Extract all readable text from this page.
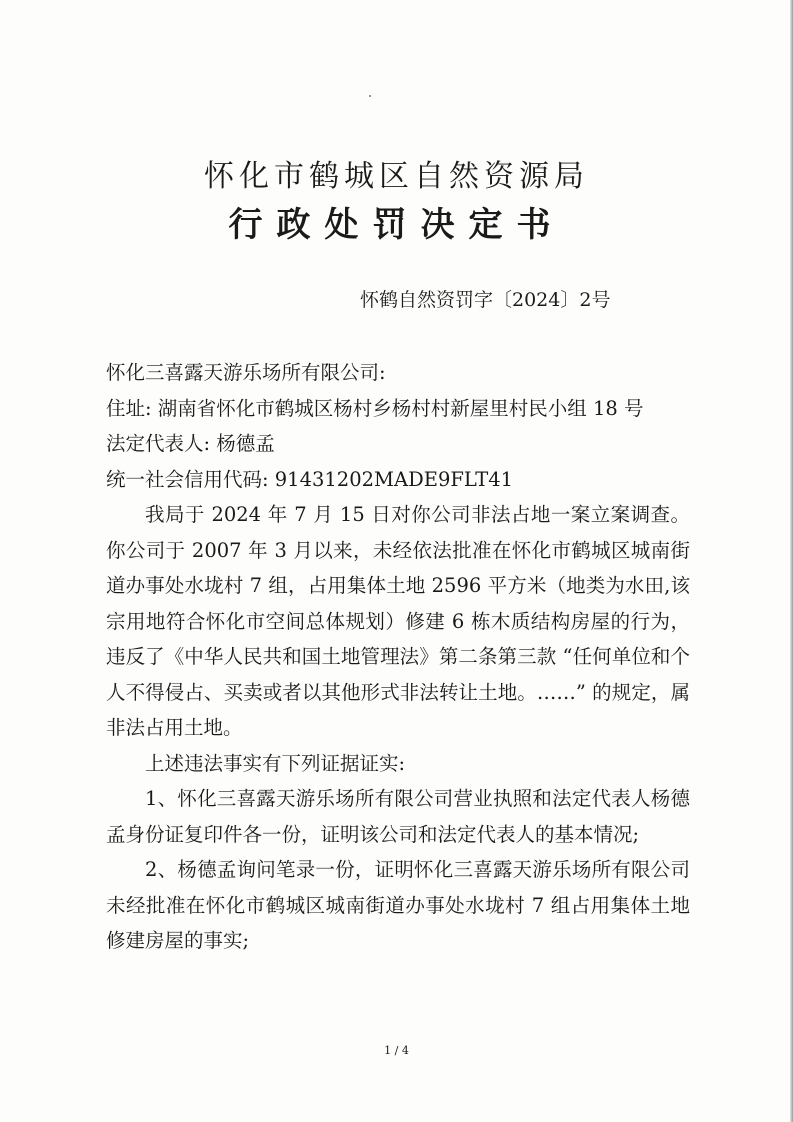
怀化市鹤城区自然资源局
行政处罚决定书
怀鹤自然资罚字〔2024〕2号

怀化三喜露天游乐场所有限公司:

住址: 湖南省怀化市鹤城区杨村乡杨村村新屋里村民小组 18 号

法定代表人: 杨德孟

统一社会信用代码: 91431202MADE9FLT41

我局于 2024 年 7 月 15 日对你公司非法占地一案立案调查。你公司于 2007 年 3 月以来，未经依法批准在怀化市鹤城区城南街道办事处水垅村 7 组，占用集体土地 2596 平方米（地类为水田,该宗用地符合怀化市空间总体规划）修建 6 栋木质结构房屋的行为，违反了《中华人民共和国土地管理法》第二条第三款 “任何单位和个人不得侵占、买卖或者以其他形式非法转让土地。……” 的规定，属非法占用土地。

上述违法事实有下列证据证实:

1、怀化三喜露天游乐场所有限公司营业执照和法定代表人杨德孟身份证复印件各一份，证明该公司和法定代表人的基本情况;

2、杨德孟询问笔录一份，证明怀化三喜露天游乐场所有限公司未经批准在怀化市鹤城区城南街道办事处水垅村 7 组占用集体土地修建房屋的事实;

1 / 4
